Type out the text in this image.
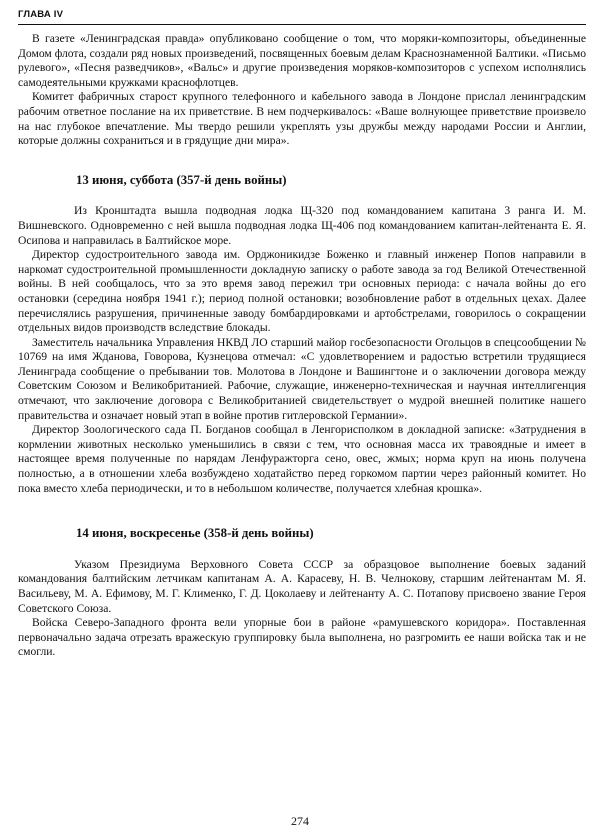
ГЛАВА IV

В газете «Ленинградская правда» опубликовано сообщение о том, что моряки-композиторы, объединенные Домом флота, создали ряд новых произведений, посвященных боевым делам Краснознаменной Балтики. «Письмо рулевого», «Песня разведчиков», «Вальс» и другие произведения моряков-композиторов с успехом исполнялись самодеятельными кружками краснофлотцев.

Комитет фабричных старост крупного телефонного и кабельного завода в Лондоне прислал ленинградским рабочим ответное послание на их приветствие. В нем подчеркивалось: «Ваше волнующее приветствие произвело на нас глубокое впечатление. Мы твердо решили укреплять узы дружбы между народами России и Англии, которые должны сохраниться и в грядущие дни мира».

13 июня, суббота (357-й день войны)

Из Кронштадта вышла подводная лодка Щ-320 под командованием капитана 3 ранга И. М. Вишневского. Одновременно с ней вышла подводная лодка Щ-406 под командованием капитан-лейтенанта Е. Я. Осипова и направилась в Балтийское море.

Директор судостроительного завода им. Орджоникидзе Боженко и главный инженер Попов направили в наркомат судостроительной промышленности докладную записку о работе завода за год Великой Отечественной войны. В ней сообщалось, что за это время завод пережил три основных периода: с начала войны до его остановки (середина ноября 1941 г.); период полной остановки; возобновление работ в отдельных цехах. Далее перечислялись разрушения, причиненные заводу бомбардировками и артобстрелами, говорилось о сокращении отдельных видов производств вследствие блокады.

Заместитель начальника Управления НКВД ЛО старший майор госбезопасности Огольцов в спецсообщении № 10769 на имя Жданова, Говорова, Кузнецова отмечал: «С удовлетворением и радостью встретили трудящиеся Ленинграда сообщение о пребывании тов. Молотова в Лондоне и Вашингтоне и о заключении договора между Советским Союзом и Великобританией. Рабочие, служащие, инженерно-техническая и научная интеллигенция отмечают, что заключение договора с Великобританией свидетельствует о мудрой внешней политике нашего правительства и означает новый этап в войне против гитлеровской Германии».

Директор Зоологического сада П. Богданов сообщал в Ленгорисполком в докладной записке: «Затруднения в кормлении животных несколько уменьшились в связи с тем, что основная масса их травоядные и имеет в настоящее время полученные по нарядам Ленфуражторга сено, овес, жмых; норма круп на июнь получена полностью, а в отношении хлеба возбуждено ходатайство перед горкомом партии через районный комитет. Но пока вместо хлеба периодически, и то в небольшом количестве, получается хлебная крошка».

14 июня, воскресенье (358-й день войны)

Указом Президиума Верховного Совета СССР за образцовое выполнение боевых заданий командования балтийским летчикам капитанам А. А. Карасеву, Н. В. Челнокову, старшим лейтенантам М. Я. Васильеву, М. А. Ефимову, М. Г. Клименко, Г. Д. Цоколаеву и лейтенанту А. С. Потапову присвоено звание Героя Советского Союза.

Войска Северо-Западного фронта вели упорные бои в районе «рамушевского коридора». Поставленная первоначально задача отрезать вражескую группировку была выполнена, но разгромить ее наши войска так и не смогли.

274
